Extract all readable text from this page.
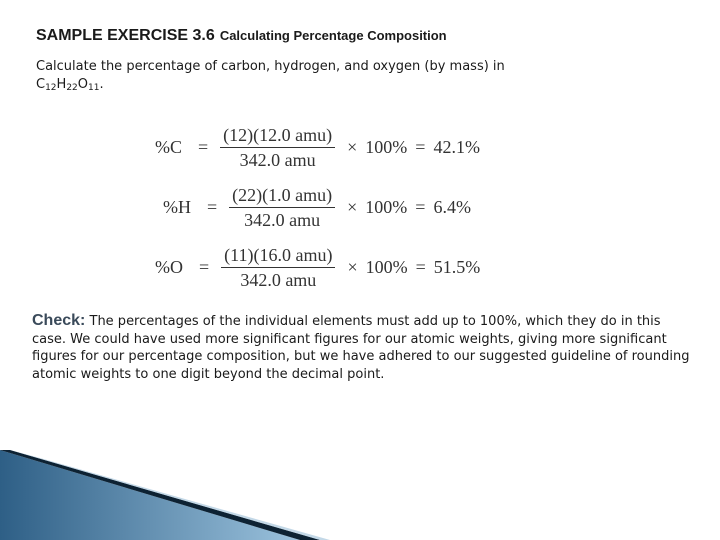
SAMPLE EXERCISE 3.6 Calculating Percentage Composition
Calculate the percentage of carbon, hydrogen, and oxygen (by mass) in
$C_{12}H_{22}O_{11}$.
$\%C = \frac{\text{(12)(12.0 amu)}}{\text{342.0 amu}} \times 100\% = 42.1\%$
$\%H = \frac{\text{(22)(1.0 amu)}}{\text{342.0 amu}} \times 100\% = 6.4\%$
$\%O = \frac{\text{(11)(16.0 amu)}}{\text{342.0 amu}} \times 100\% = 51.5\%$
Check: The percentages of the individual elements must add up to 100%, which they do in this case. We could have used more significant figures for our atomic weights, giving more significant figures for our percentage composition, but we have adhered to our suggested guideline of rounding atomic weights to one digit beyond the decimal point.
